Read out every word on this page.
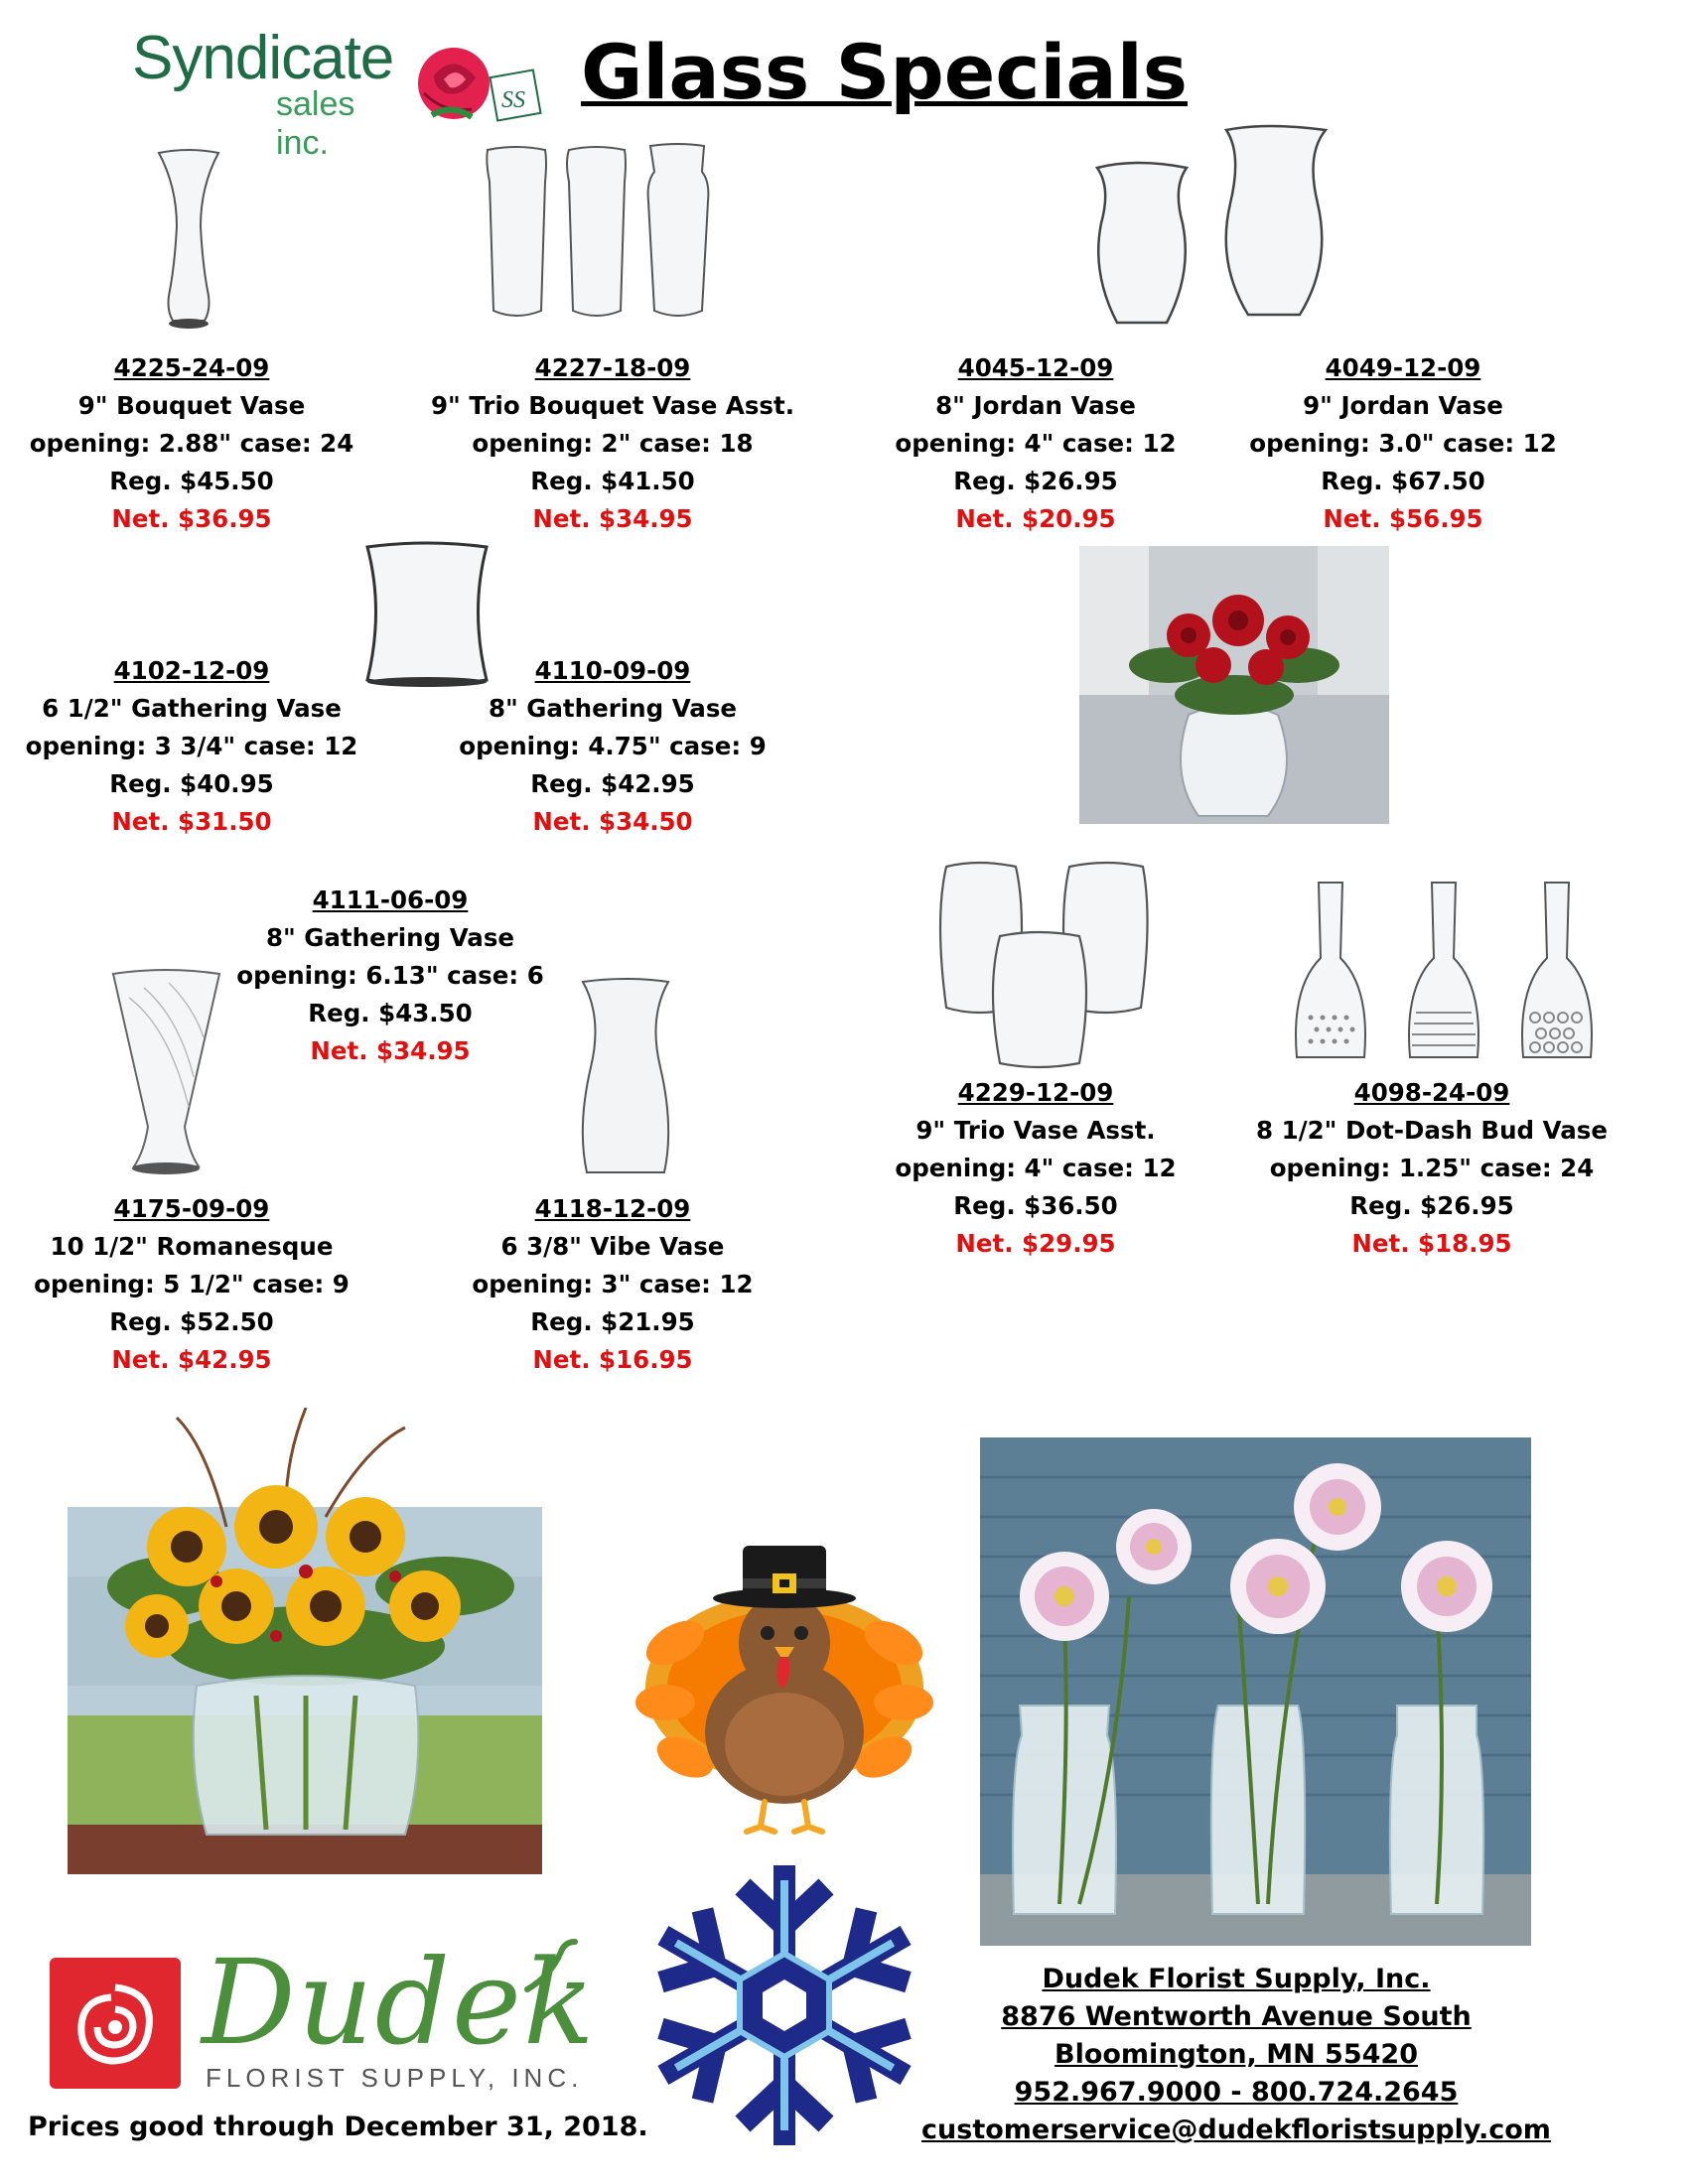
Syndicate
sales inc.
SS Glass Specials
4225-24-09
9" Bouquet Vase
opening: 2.88" case: 24
Reg. $45.50
Net. $36.95
4227-18-09
9" Trio Bouquet Vase Asst.
opening: 2" case: 18
Reg. $41.50
Net. $34.95
4045-12-09
8" Jordan Vase
opening: 4" case: 12
Reg. $26.95
Net. $20.95
4049-12-09
9" Jordan Vase
opening: 3.0" case: 12
Reg. $67.50
Net. $56.95
4102-12-09
6 1/2" Gathering Vase
opening: 3 3/4" case: 12
Reg. $40.95
Net. $31.50
4110-09-09
8" Gathering Vase
opening: 4.75" case: 9
Reg. $42.95
Net. $34.50
4111-06-09
8" Gathering Vase
opening: 6.13" case: 6
Reg. $43.50
Net. $34.95
4229-12-09
9" Trio Vase Asst.
opening: 4" case: 12
Reg. $36.50
Net. $29.95
4098-24-09
8 1/2" Dot-Dash Bud Vase
opening: 1.25" case: 24
Reg. $26.95
Net. $18.95
4175-09-09
10 1/2" Romanesque
opening: 5 1/2" case: 9
Reg. $52.50
Net. $42.95
4118-12-09
6 3/8" Vibe Vase
opening: 3" case: 12
Reg. $21.95
Net. $16.95
Dudek
FLORIST SUPPLY, INC.
Prices good through December 31, 2018.
Dudek Florist Supply, Inc.
8876 Wentworth Avenue South
Bloomington, MN 55420
952.967.9000 - 800.724.2645
customerservice@dudekfloristsupply.com
